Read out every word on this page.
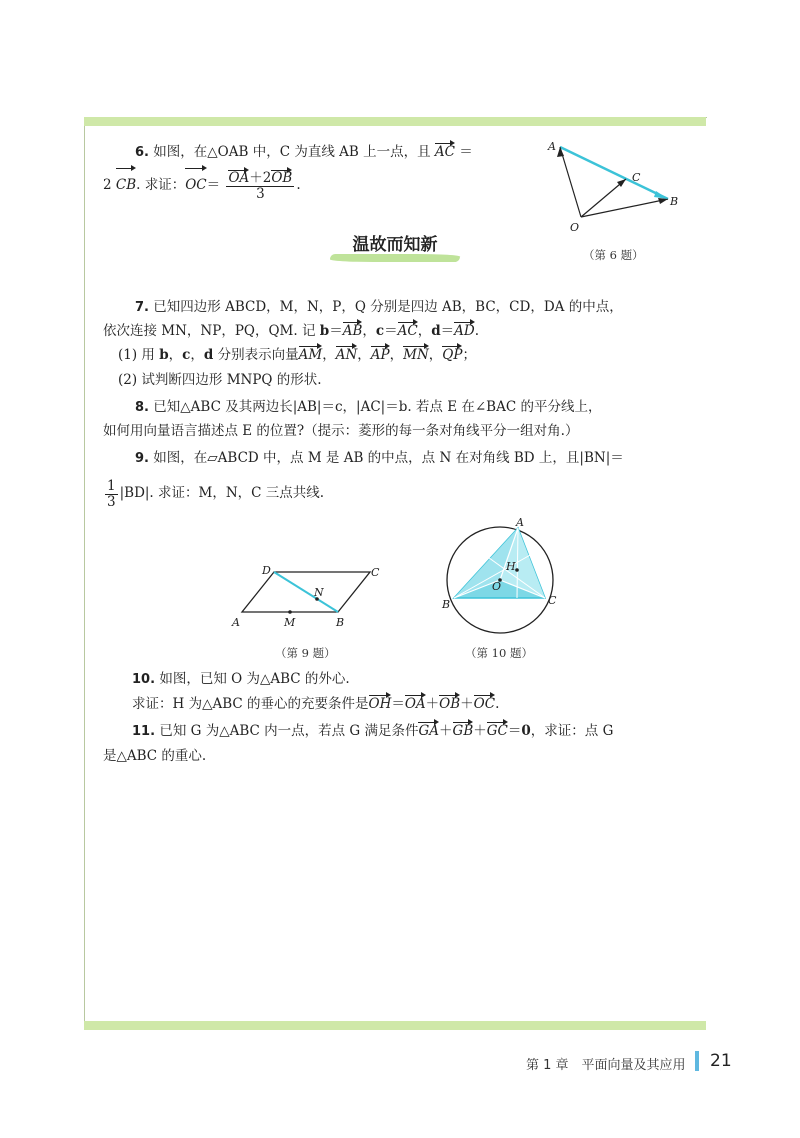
6. 如图，在△OAB 中，C 为直线 AB 上一点，且 AC ＝
2 CB. 求证：$OC= \frac{OA+2OB}{3}$ .
A
C
B
O
（第 6 题）
温故而知新
7. 已知四边形 ABCD，M，N，P，Q 分别是四边 AB，BC，CD，DA 的中点，
依次连接 MN，NP，PQ，QM. 记 b＝AB，c＝AC，d＝AD.
(1) 用 b，c，d 分别表示向量AM，AN，AP，MN，QP；
(2) 试判断四边形 MNPQ 的形状.
8. 已知△ABC 及其两边长|AB|＝c，|AC|＝b. 若点 E 在∠BAC 的平分线上，
如何用向量语言描述点 E 的位置?（提示：菱形的每一条对角线平分一组对角.）
9. 如图，在▱ABCD 中，点 M 是 AB 的中点，点 N 在对角线 BD 上，且|BN|＝
$\frac{1}{3} |BD|$. 求证：M，N，C 三点共线.
D	C
N
A	M	B
（第 9 题）
A
H
O
B	C
（第 10 题）
10. 如图，已知 O 为△ABC 的外心.
求证：H 为△ABC 的垂心的充要条件是OH＝OA＋OB＋OC.
11. 已知 G 为△ABC 内一点，若点 G 满足条件GA＋GB＋GC＝0，求证：点 G
是△ABC 的重心.
第 1 章　平面向量及其应用 21
